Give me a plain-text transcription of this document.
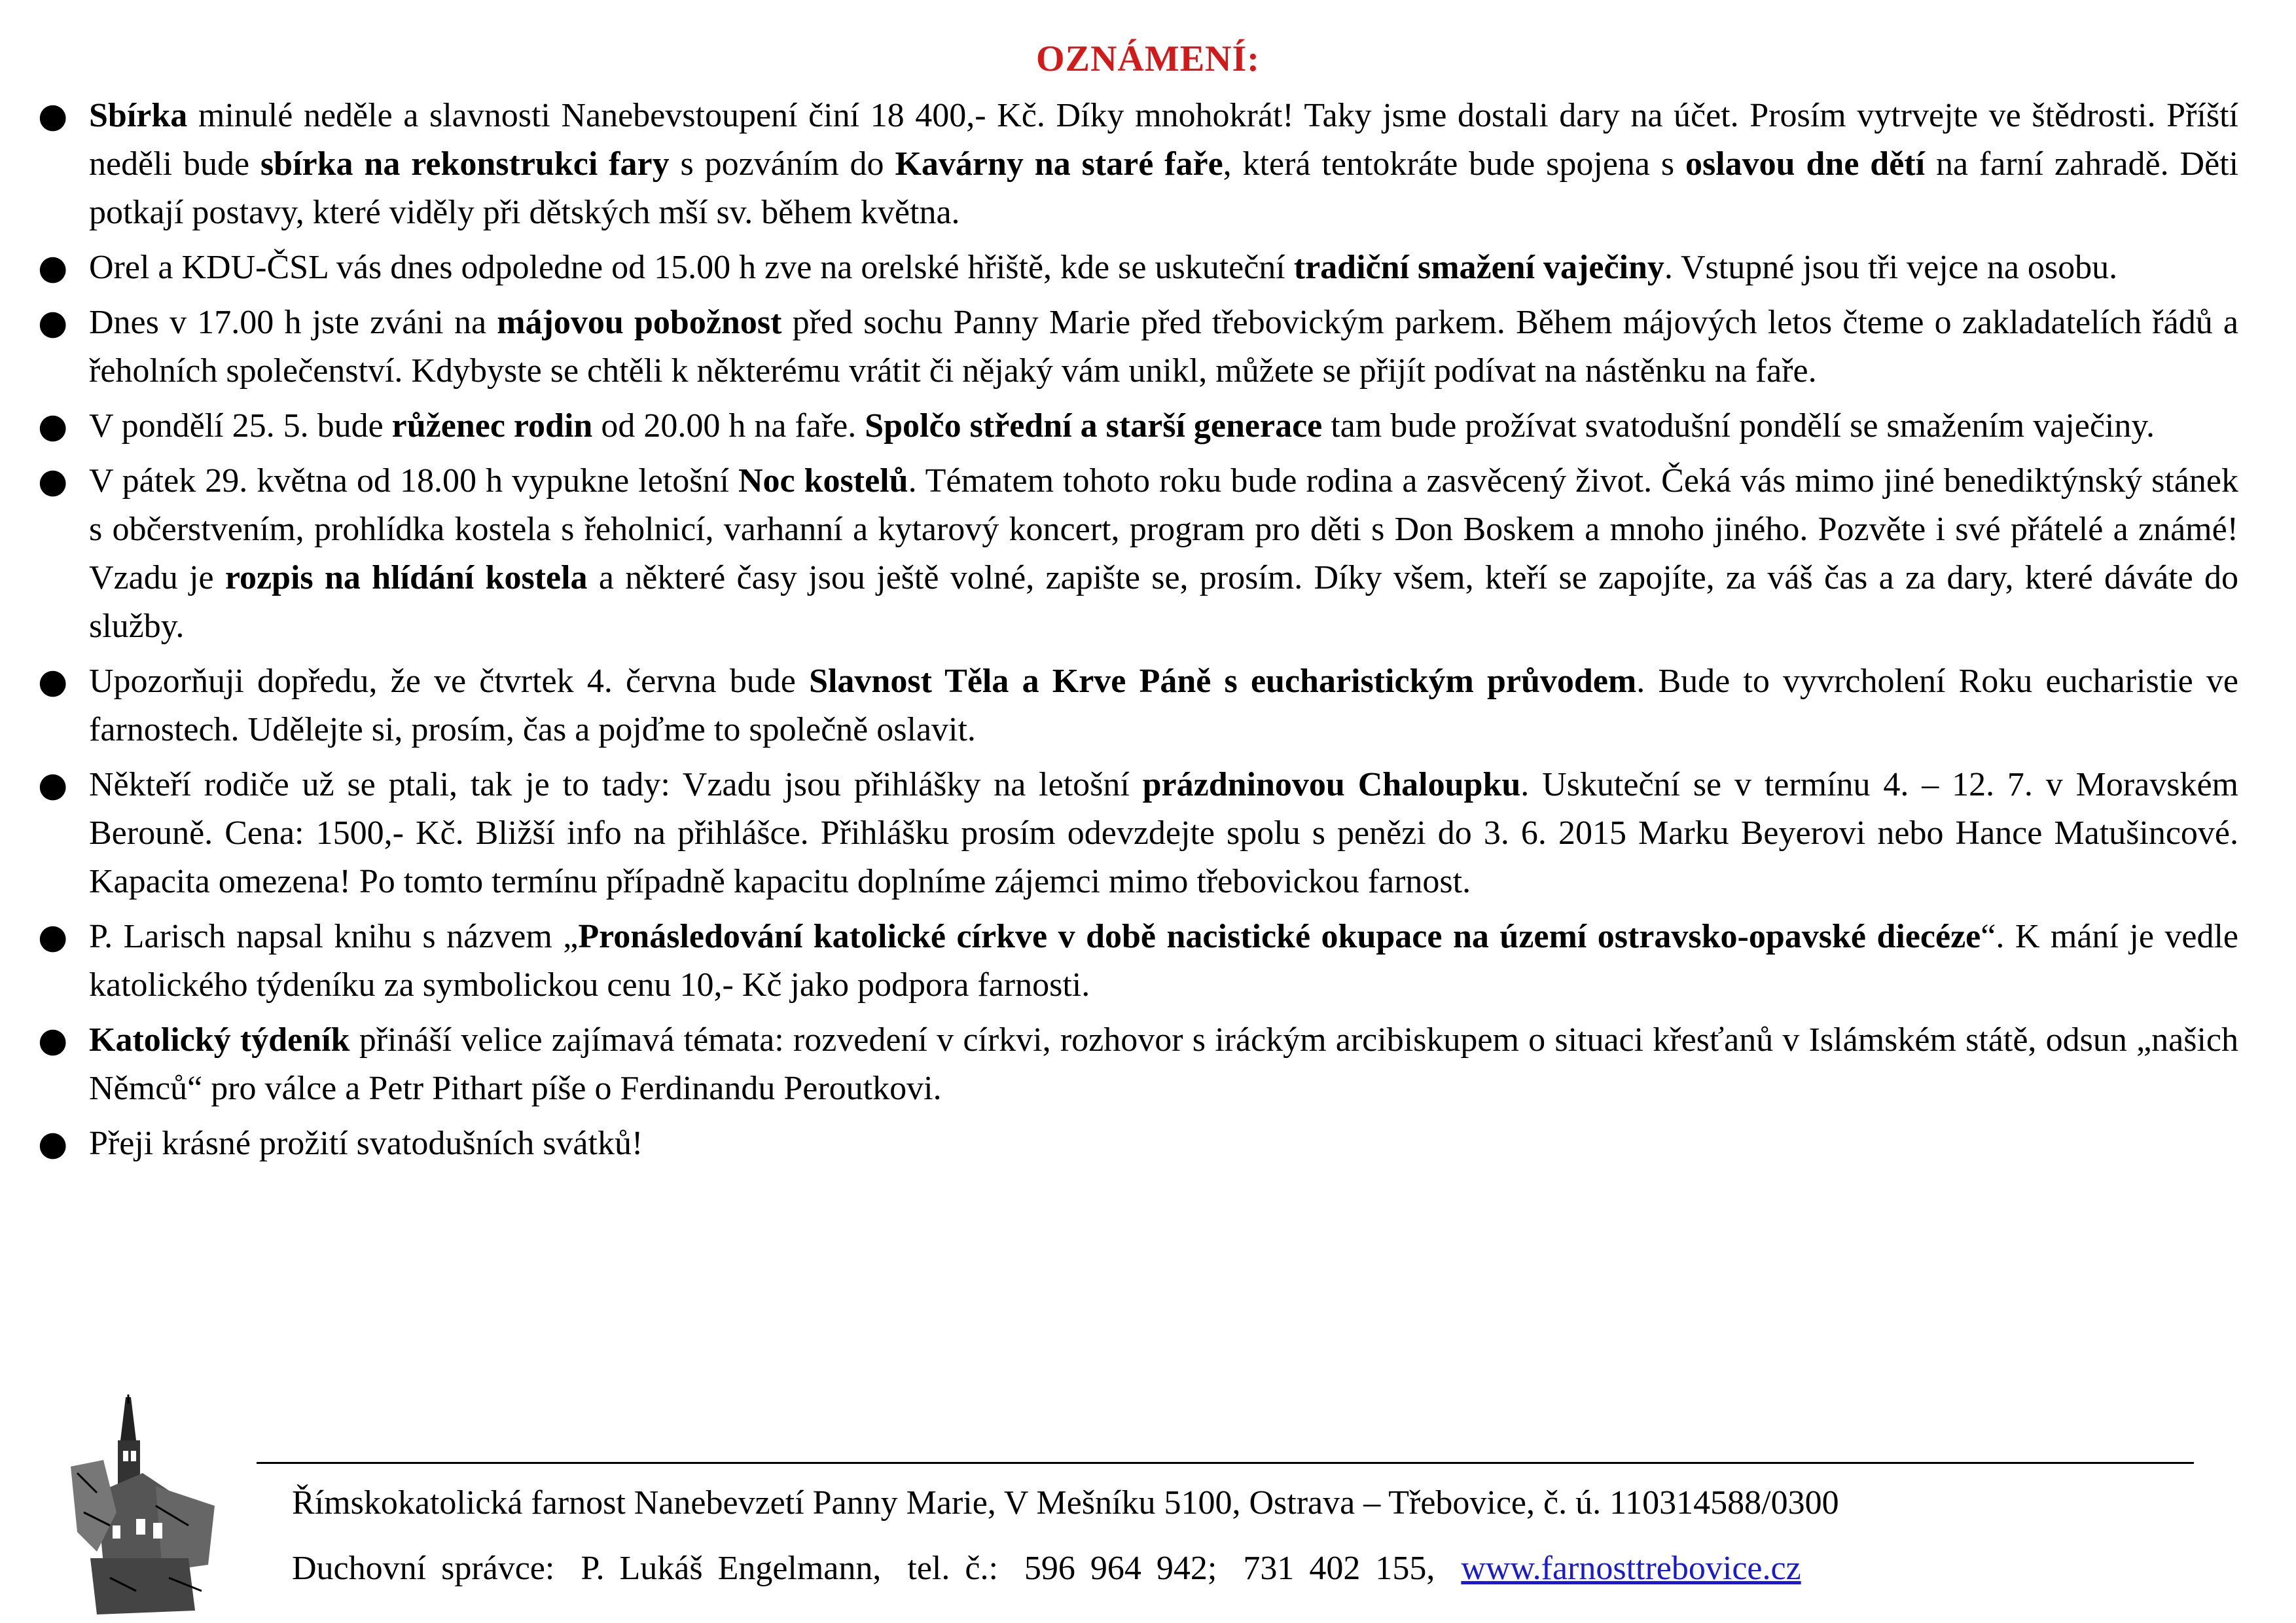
OZNÁMENÍ:
● Sbírka minulé neděle a slavnosti Nanebevstoupení činí 18 400,- Kč. Díky mnohokrát! Taky jsme dostali dary na účet. Prosím vytrvejte ve štědrosti. Příští neděli bude sbírka na rekonstrukci fary s pozváním do Kavárny na staré faře, která tentokráte bude spojena s oslavou dne dětí na farní zahradě. Děti potkají postavy, které viděly při dětských mší sv. během května.
● Orel a KDU-ČSL vás dnes odpoledne od 15.00 h zve na orelské hřiště, kde se uskuteční tradiční smažení vaječiny. Vstupné jsou tři vejce na osobu.
● Dnes v 17.00 h jste zváni na májovou pobožnost před sochu Panny Marie před třebovickým parkem. Během májových letos čteme o zakladatelích řádů a řeholních společenství. Kdybyste se chtěli k některému vrátit či nějaký vám unikl, můžete se přijít podívat na nástěnku na faře.
● V pondělí 25. 5. bude růženec rodin od 20.00 h na faře. Spolčo střední a starší generace tam bude prožívat svatodušní pondělí se smažením vaječiny.
● V pátek 29. května od 18.00 h vypukne letošní Noc kostelů. Tématem tohoto roku bude rodina a zasvěcený život. Čeká vás mimo jiné benediktýnský stánek s občerstvením, prohlídka kostela s řeholnicí, varhanní a kytarový koncert, program pro děti s Don Boskem a mnoho jiného. Pozvěte i své přátelé a známé! Vzadu je rozpis na hlídání kostela a některé časy jsou ještě volné, zapište se, prosím. Díky všem, kteří se zapojíte, za váš čas a za dary, které dáváte do služby.
● Upozorňuji dopředu, že ve čtvrtek 4. června bude Slavnost Těla a Krve Páně s eucharistickým průvodem. Bude to vyvrcholení Roku eucharistie ve farnostech. Udělejte si, prosím, čas a pojďme to společně oslavit.
● Někteří rodiče už se ptali, tak je to tady: Vzadu jsou přihlášky na letošní prázdninovou Chaloupku. Uskuteční se v termínu 4. – 12. 7. v Moravském Berouně. Cena: 1500,- Kč. Bližší info na přihlášce. Přihlášku prosím odevzdejte spolu s penězi do 3. 6. 2015 Marku Beyerovi nebo Hance Matušincové. Kapacita omezena! Po tomto termínu případně kapacitu doplníme zájemci mimo třebovickou farnost.
● P. Larisch napsal knihu s názvem „Pronásledování katolické církve v době nacistické okupace na území ostravsko-opavské diecéze“. K mání je vedle katolického týdeníku za symbolickou cenu 10,- Kč jako podpora farnosti.
● Katolický týdeník přináší velice zajímavá témata: rozvedení v církvi, rozhovor s iráckým arcibiskupem o situaci křesťanů v Islámském státě, odsun „našich Němců“ pro válce a Petr Pithart píše o Ferdinandu Peroutkovi.
● Přeji krásné prožití svatodušních svátků!
Římskokatolická farnost Nanebevzetí Panny Marie, V Mešníku 5100, Ostrava – Třebovice, č. ú. 110314588/0300
Duchovní správce: P. Lukáš Engelmann, tel. č.: 596 964 942; 731 402 155, www.farnosttrebovice.cz
